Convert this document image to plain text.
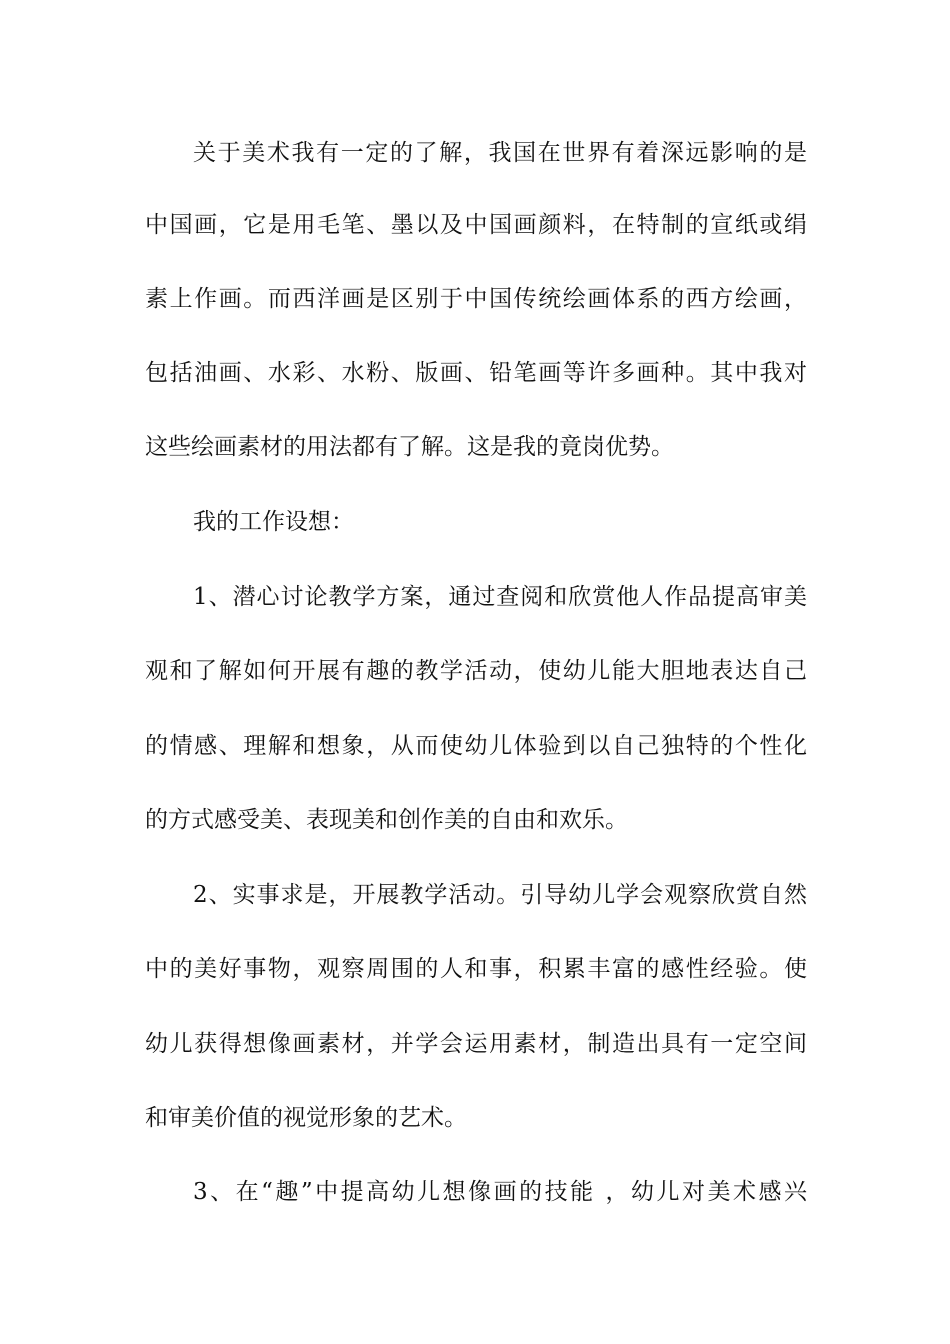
关于美术我有一定的了解，我国在世界有着深远影响的是
中国画，它是用毛笔、墨以及中国画颜料，在特制的宣纸或绢
素上作画。而西洋画是区别于中国传统绘画体系的西方绘画，
包括油画、水彩、水粉、版画、铅笔画等许多画种。其中我对
这些绘画素材的用法都有了解。这是我的竟岗优势。
我的工作设想：
1、潜心讨论教学方案，通过查阅和欣赏他人作品提高审美
观和了解如何开展有趣的教学活动，使幼儿能大胆地表达自己
的情感、理解和想象，从而使幼儿体验到以自己独特的个性化
的方式感受美、表现美和创作美的自由和欢乐。
2、实事求是，开展教学活动。引导幼儿学会观察欣赏自然
中的美好事物，观察周围的人和事，积累丰富的感性经验。使
幼儿获得想像画素材，并学会运用素材，制造出具有一定空间
和审美价值的视觉形象的艺术。
3、在“趣”中提高幼儿想像画的技能 ，幼儿对美术感兴
